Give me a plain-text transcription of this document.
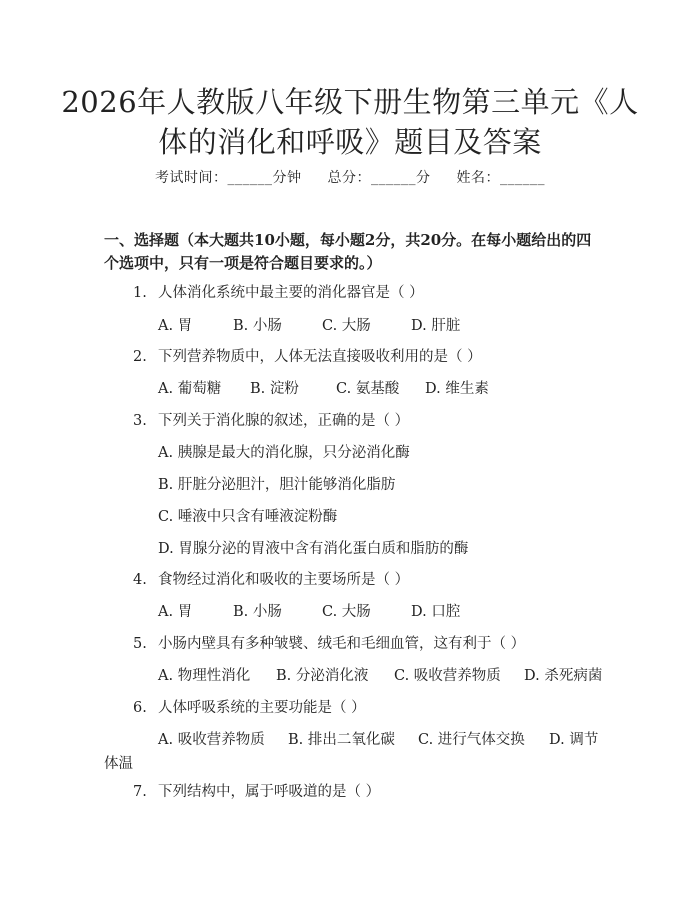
2026年人教版八年级下册生物第三单元《人
体的消化和呼吸》题目及答案
考试时间：______分钟 总分：______分 姓名：______
一、选择题（本大题共10小题，每小题2分，共20分。在每小题给出的四个选项中，只有一项是符合题目要求的。）
1. 人体消化系统中最主要的消化器官是（ ）
A. 胃	B. 小肠	C. 大肠	D. 肝脏
2. 下列营养物质中，人体无法直接吸收利用的是（ ）
A. 葡萄糖 B. 淀粉	C. 氨基酸 D. 维生素
3. 下列关于消化腺的叙述，正确的是（ ）
A. 胰腺是最大的消化腺，只分泌消化酶
B. 肝脏分泌胆汁，胆汁能够消化脂肪
C. 唾液中只含有唾液淀粉酶
D. 胃腺分泌的胃液中含有消化蛋白质和脂肪的酶
4. 食物经过消化和吸收的主要场所是（ ）
A. 胃	B. 小肠	C. 大肠	D. 口腔
5. 小肠内壁具有多种皱襞、绒毛和毛细血管，这有利于（ ）
A. 物理性消化 B. 分泌消化液 C. 吸收营养物质 D. 杀死病菌
6. 人体呼吸系统的主要功能是（ ）
A. 吸收营养物质 B. 排出二氧化碳 C. 进行气体交换 D. 调节
体温
7. 下列结构中，属于呼吸道的是（ ）
